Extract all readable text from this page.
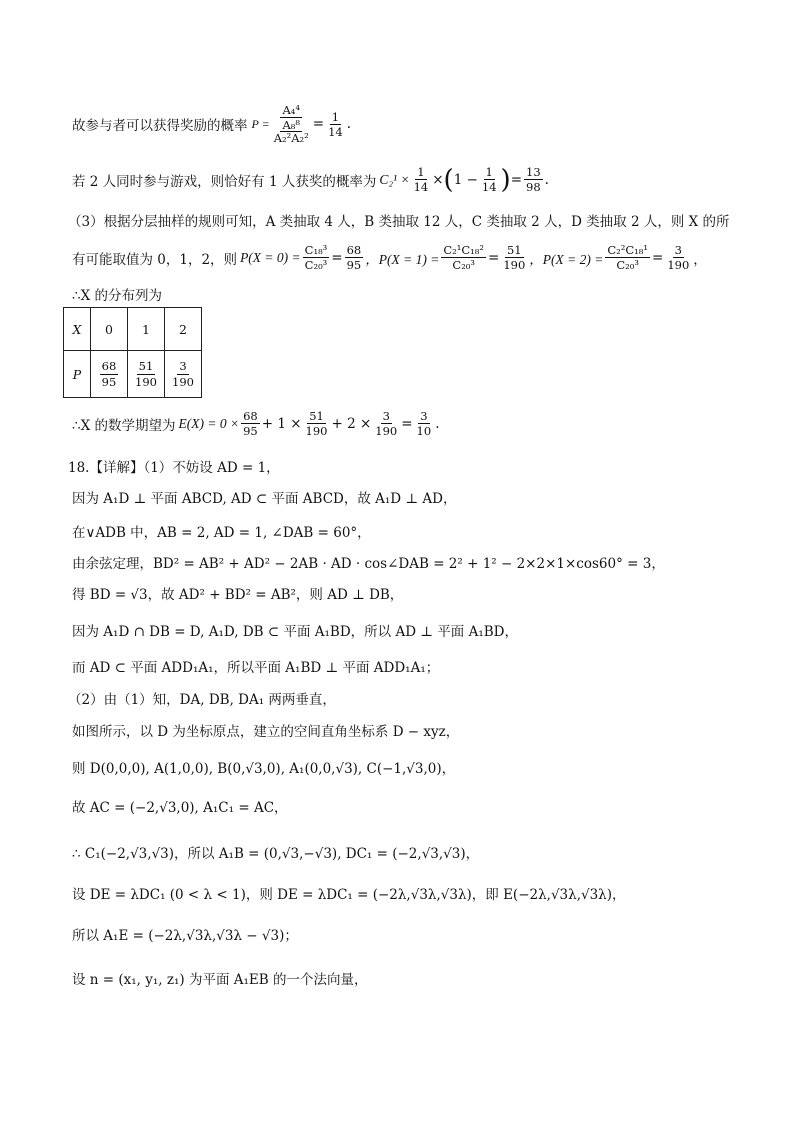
故参与者可以获得奖励的概率 P = A₄⁴
A₈⁸
$A_2^2A_2^2 = \frac{1}{14}$ .
若 2 人同时参与游戏，则恰好有 1 人获奖的概率为 $C_2^1 \times \frac{1}{14}$ × ( $1 - \frac{1}{14}$ ) = $\frac{13}{98}$ .
（3）根据分层抽样的规则可知，A 类抽取 4 人，B 类抽取 12 人，C 类抽取 2 人，D 类抽取 2 人，则 X 的所
有可能取值为 0，1，2，则 $P(X = 0) = \frac{\text{C₁₈³}}{\text{C₂₀³}} = \frac{68}{95}$ ，$P(X = 1) = \frac{\text{C₂¹C₁₈²}}{\text{C₂₀³}} = \frac{51}{190}$ ，$P(X = 2) = \frac{\text{C₂²C₁₈¹}}{\text{C₂₀³}} = \frac{3}{190}$ ，
∴X 的分布列为
X	0	1	2
P	$\frac{68}{95}$	$\frac{51}{190}$	$\frac{3}{190}$
∴X 的数学期望为 $E(X) = 0 \times \frac{68}{95} + 1 \times \frac{51}{190} + 2 \times \frac{3}{190} = \frac{3}{10}$ .
18.【详解】（1）不妨设 AD = 1，
因为 A₁D ⊥ 平面 ABCD, AD ⊂ 平面 ABCD，故 A₁D ⊥ AD，
在∨ADB 中，AB = 2, AD = 1, ∠DAB = 60°，
由余弦定理，BD² = AB² + AD² − 2AB · AD · cos∠DAB = 2² + 1² − 2×2×1×cos60° = 3，
得 BD = √3，故 AD² + BD² = AB²，则 AD ⊥ DB，
因为 A₁D ∩ DB = D, A₁D, DB ⊂ 平面 A₁BD，所以 AD ⊥ 平面 A₁BD，
而 AD ⊂ 平面 ADD₁A₁，所以平面 A₁BD ⊥ 平面 ADD₁A₁；
（2）由（1）知，DA, DB, DA₁ 两两垂直，
如图所示，以 D 为坐标原点，建立的空间直角坐标系 D − xyz，
则 D(0,0,0), A(1,0,0), B(0,√3,0), A₁(0,0,√3), C(−1,√3,0)，
故 AC = (−2,√3,0), A₁C₁ = AC，
∴ C₁(−2,√3,√3)，所以 A₁B = (0,√3,−√3), DC₁ = (−2,√3,√3)，
设 DE = λDC₁ (0 < λ < 1)，则 DE = λDC₁ = (−2λ,√3λ,√3λ)，即 E(−2λ,√3λ,√3λ)，
所以 A₁E = (−2λ,√3λ,√3λ − √3)；
设 n = (x₁, y₁, z₁) 为平面 A₁EB 的一个法向量，
